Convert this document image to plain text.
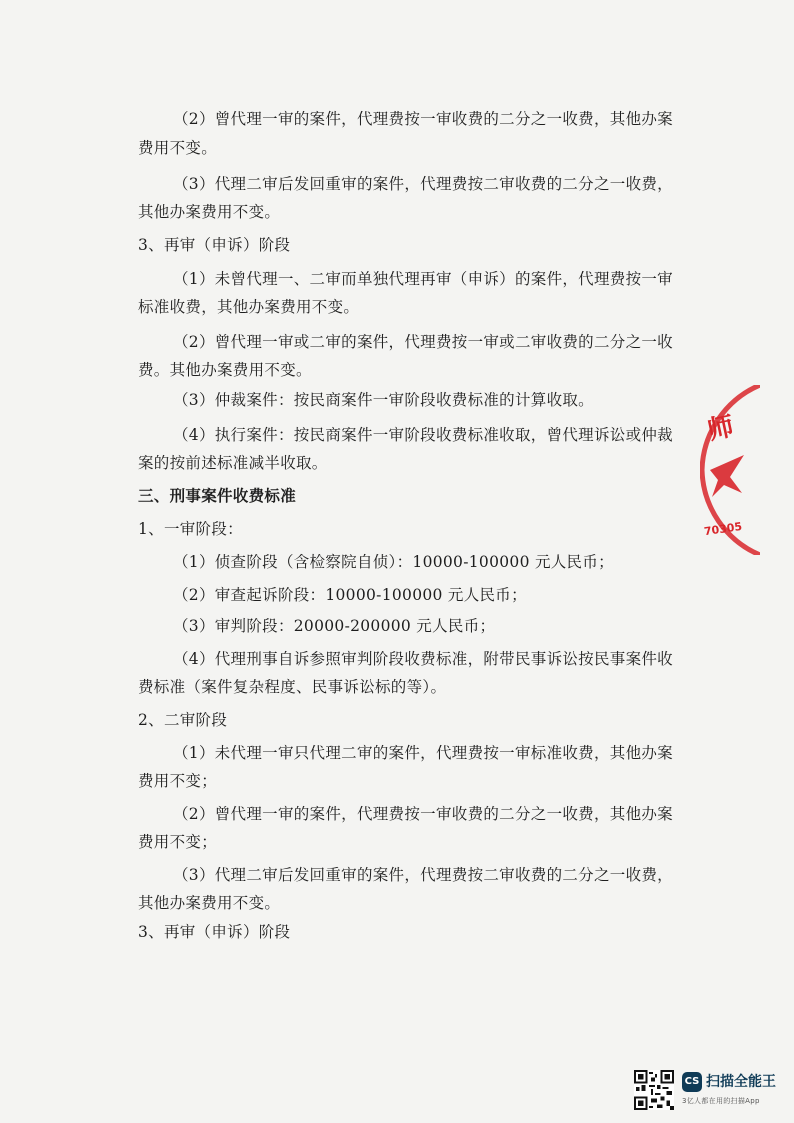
（2）曾代理一审的案件，代理费按一审收费的二分之一收费，其他办案
费用不变。
（3）代理二审后发回重审的案件，代理费按二审收费的二分之一收费，
其他办案费用不变。
3、再审（申诉）阶段
（1）未曾代理一、二审而单独代理再审（申诉）的案件，代理费按一审
标准收费，其他办案费用不变。
（2）曾代理一审或二审的案件，代理费按一审或二审收费的二分之一收
费。其他办案费用不变。
（3）仲裁案件：按民商案件一审阶段收费标准的计算收取。
（4）执行案件：按民商案件一审阶段收费标准收取，曾代理诉讼或仲裁
案的按前述标准减半收取。
三、刑事案件收费标准
1、一审阶段：
（1）侦查阶段（含检察院自侦）：10000-100000 元人民币；
（2）审查起诉阶段：10000-100000 元人民币；
（3）审判阶段：20000-200000 元人民币；
（4）代理刑事自诉参照审判阶段收费标准，附带民事诉讼按民事案件收
费标准（案件复杂程度、民事诉讼标的等）。
2、二审阶段
（1）未代理一审只代理二审的案件，代理费按一审标准收费，其他办案
费用不变；
（2）曾代理一审的案件，代理费按一审收费的二分之一收费，其他办案
费用不变；
（3）代理二审后发回重审的案件，代理费按二审收费的二分之一收费，
其他办案费用不变。
3、再审（申诉）阶段
师
70305
CS 扫描全能王
3亿人都在用的扫描App
